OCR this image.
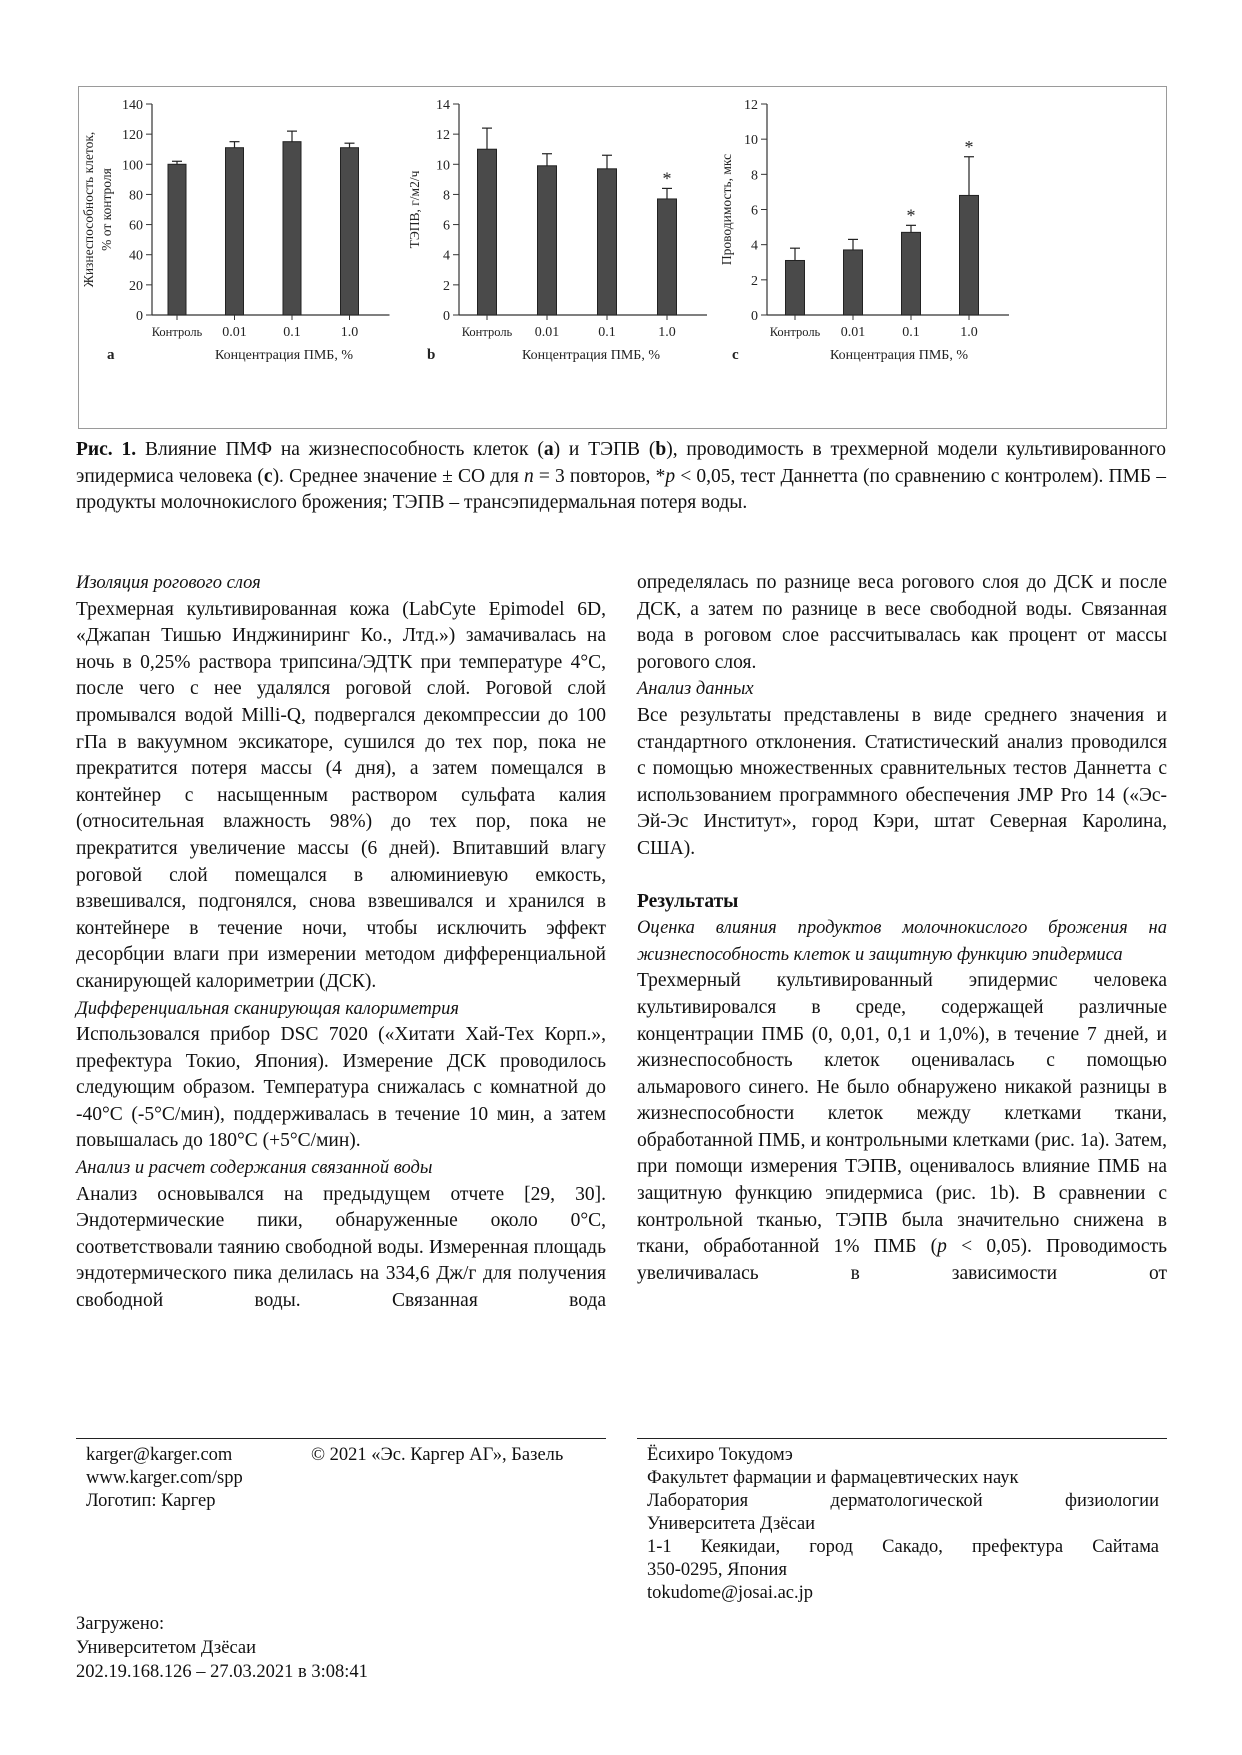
0
20
40
60
80
100
120
140
Контроль 0.01	0.1	1.0
Концентрация ПМБ, %
a
Жизнеспособность клеток, % от контроля
0
2
4
6
8
10
12
14
Контроль 0.01	0.1
*
1.0
Концентрация ПМБ, %
b
ТЭПВ, г/м2/ч
0
2
4
6
8
10
12
Контроль 0.01
*
0.1
*
1.0
Концентрация ПМБ, %
c
Проводимость, мкс
Рис. 1. Влияние ПМФ на жизнеспособность клеток (a) и ТЭПВ (b), проводимость в трехмерной модели культивированного эпидермиса человека (c). Среднее значение ± СО для n = 3 повторов, *p < 0,05, тест Даннетта (по сравнению с контролем). ПМБ – продукты молочнокислого брожения; ТЭПВ – трансэпидермальная потеря воды.

Изоляция рогового слоя

Трехмерная культивированная кожа (LabCyte Epimodel 6D, «Джапан Тишью Инджиниринг Ко., Лтд.») замачивалась на ночь в 0,25% раствора трипсина/ЭДТК при температуре 4°C, после чего с нее удалялся роговой слой. Роговой слой промывался водой Milli-Q, подвергался декомпрессии до 100 гПа в вакуумном эксикаторе, сушился до тех пор, пока не прекратится потеря массы (4 дня), а затем помещался в контейнер с насыщенным раствором сульфата калия (относительная влажность 98%) до тех пор, пока не прекратится увеличение массы (6 дней). Впитавший влагу роговой слой помещался в алюминиевую емкость, взвешивался, подгонялся, снова взвешивался и хранился в контейнере в течение ночи, чтобы исключить эффект десорбции влаги при измерении методом дифференциальной сканирующей калориметрии (ДСК).

Дифференциальная сканирующая калориметрия

Использовался прибор DSC 7020 («Хитати Хай-Тех Корп.», префектура Токио, Япония). Измерение ДСК проводилось следующим образом. Температура снижалась с комнатной до -40°C (-5°C/мин), поддерживалась в течение 10 мин, а затем повышалась до 180°C (+5°C/мин).

Анализ и расчет содержания связанной воды

Анализ основывался на предыдущем отчете [29, 30]. Эндотермические пики, обнаруженные около 0°C, соответствовали таянию свободной воды. Измеренная площадь эндотермического пика делилась на 334,6 Дж/г для получения свободной воды. Связанная вода

определялась по разнице веса рогового слоя до ДСК и после ДСК, а затем по разнице в весе свободной воды. Связанная вода в роговом слое рассчитывалась как процент от массы рогового слоя.

Анализ данных

Все результаты представлены в виде среднего значения и стандартного отклонения. Статистический анализ проводился с помощью множественных сравнительных тестов Даннетта с использованием программного обеспечения JMP Pro 14 («Эс-Эй-Эс Институт», город Кэри, штат Северная Каролина, США).

Результаты

Оценка влияния продуктов молочнокислого брожения на жизнеспособность клеток и защитную функцию эпидермиса

Трехмерный культивированный эпидермис человека культивировался в среде, содержащей различные концентрации ПМБ (0, 0,01, 0,1 и 1,0%), в течение 7 дней, и жизнеспособность клеток оценивалась с помощью альмарового синего. Не было обнаружено никакой разницы в жизнеспособности клеток между клетками ткани, обработанной ПМБ, и контрольными клетками (рис. 1a). Затем, при помощи измерения ТЭПВ, оценивалось влияние ПМБ на защитную функцию эпидермиса (рис. 1b). В сравнении с контрольной тканью, ТЭПВ была значительно снижена в ткани, обработанной 1% ПМБ (p < 0,05). Проводимость увеличивалась в зависимости от

karger@karger.com
www.karger.com/spp
Логотип: Каргер
© 2021 «Эс. Каргер АГ», Базель	Ёсихиро Токудомэ
Факультет фармации и фармацевтических наук
Лаборатория дерматологической физиологии
Университета Дзёсаи
1-1 Кеякидаи, город Сакадо, префектура Сайтама
350-0295, Япония
tokudome@josai.ac.jp
Загружено:
Университетом Дзёсаи
202.19.168.126 – 27.03.2021 в 3:08:41
